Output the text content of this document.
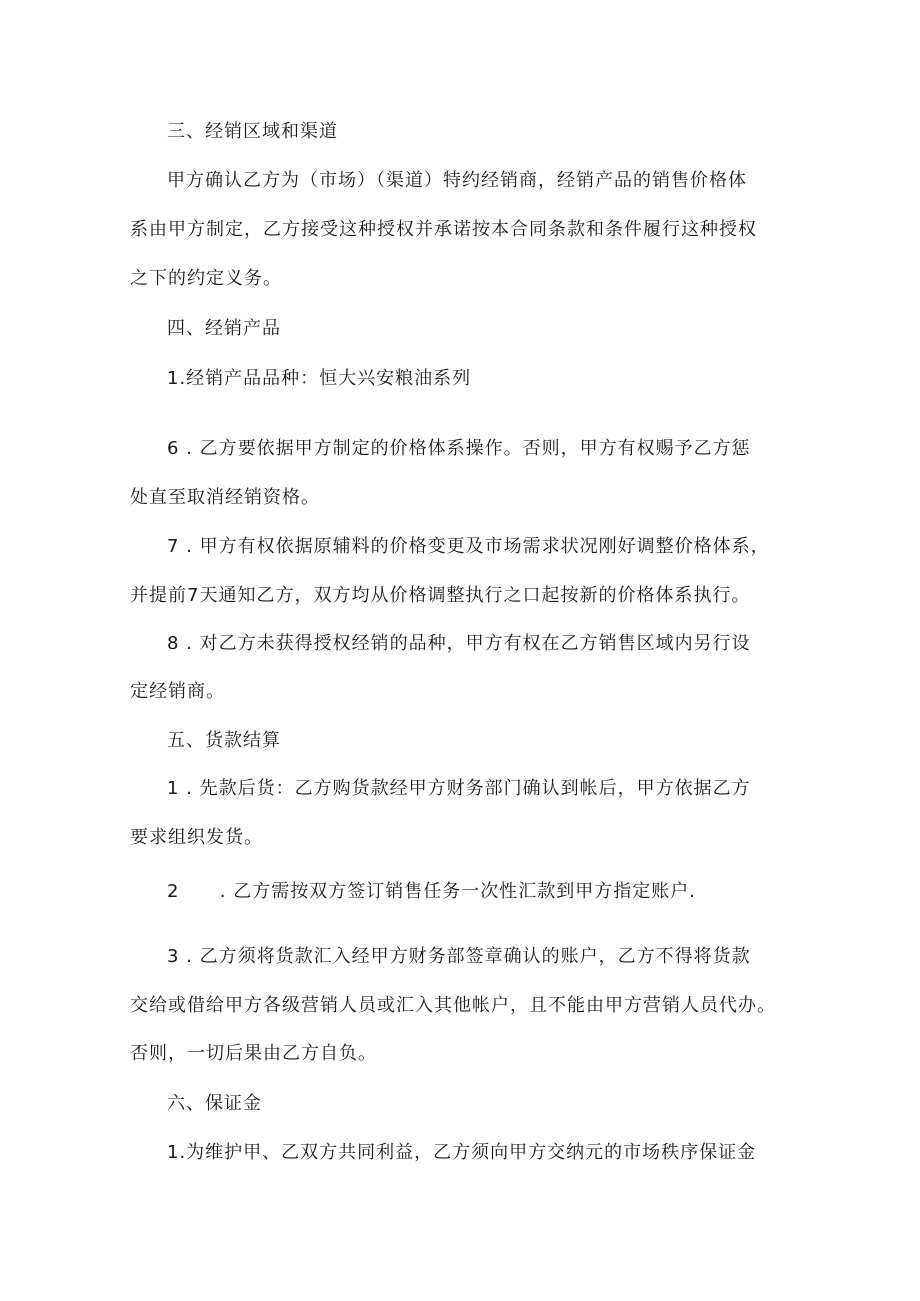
三、经销区域和渠道
甲方确认乙方为（市场）（渠道）特约经销商，经销产品的销售价格体
系由甲方制定，乙方接受这种授权并承诺按本合同条款和条件履行这种授权
之下的约定义务。
四、经销产品
1.经销产品品种：恒大兴安粮油系列
6 . 乙方要依据甲方制定的价格体系操作。否则，甲方有权赐予乙方惩
处直至取消经销资格。
7 . 甲方有权依据原辅料的价格变更及市场需求状况刚好调整价格体系，
并提前7天通知乙方，双方均从价格调整执行之口起按新的价格体系执行。
8 . 对乙方未获得授权经销的品种，甲方有权在乙方销售区域内另行设
定经销商。
五、货款结算
1 . 先款后货：乙方购货款经甲方财务部门确认到帐后，甲方依据乙方
要求组织发货。
2      . 乙方需按双方签订销售任务一次性汇款到甲方指定账户.
3 . 乙方须将货款汇入经甲方财务部签章确认的账户，乙方不得将货款
交给或借给甲方各级营销人员或汇入其他帐户，且不能由甲方营销人员代办。
否则，一切后果由乙方自负。
六、保证金
1.为维护甲、乙双方共同利益，乙方须向甲方交纳元的市场秩序保证金
